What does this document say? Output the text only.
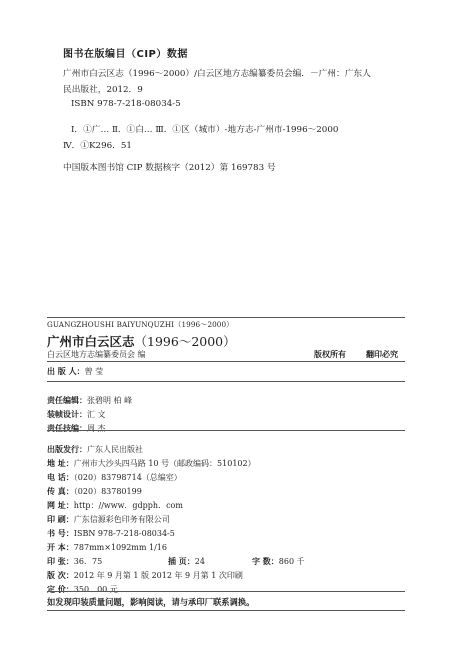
图书在版编目（CIP）数据
广州市白云区志（1996～2000）/白云区地方志编纂委员会编．－广州：广东人
民出版社，2012．9
ISBN 978-7-218-08034-5
Ⅰ．①广… Ⅱ．①白… Ⅲ．①区（城市）-地方志-广州市-1996～2000
Ⅳ．①K296．51
中国版本图书馆 CIP 数据核字（2012）第 169783 号
GUANGZHOUSHI BAIYUNQUZHI（1996～2000）
广州市白云区志（1996～2000）
白云区地方志编纂委员会 编	版权所有	翻印必究
出 版 人：曾 莹
责任编辑：张碧明 柏 峰
装帧设计：汇 文
责任技编：周 杰
出版发行：广东人民出版社
地 址：广州市大沙头四马路 10 号（邮政编码：510102）
电 话：（020）83798714（总编室）
传 真：（020）83780199
网 址：http：//www．gdpph．com
印 刷：广东信源彩色印务有限公司
书 号：ISBN 978-7-218-08034-5
开 本：787mm×1092mm 1/16
印 张：36．75	插 页：24	字 数：860 千
版 次：2012 年 9 月第 1 版 2012 年 9 月第 1 次印刷
定 价：350．00 元
如发现印装质量问题，影响阅读，请与承印厂联系调换。
